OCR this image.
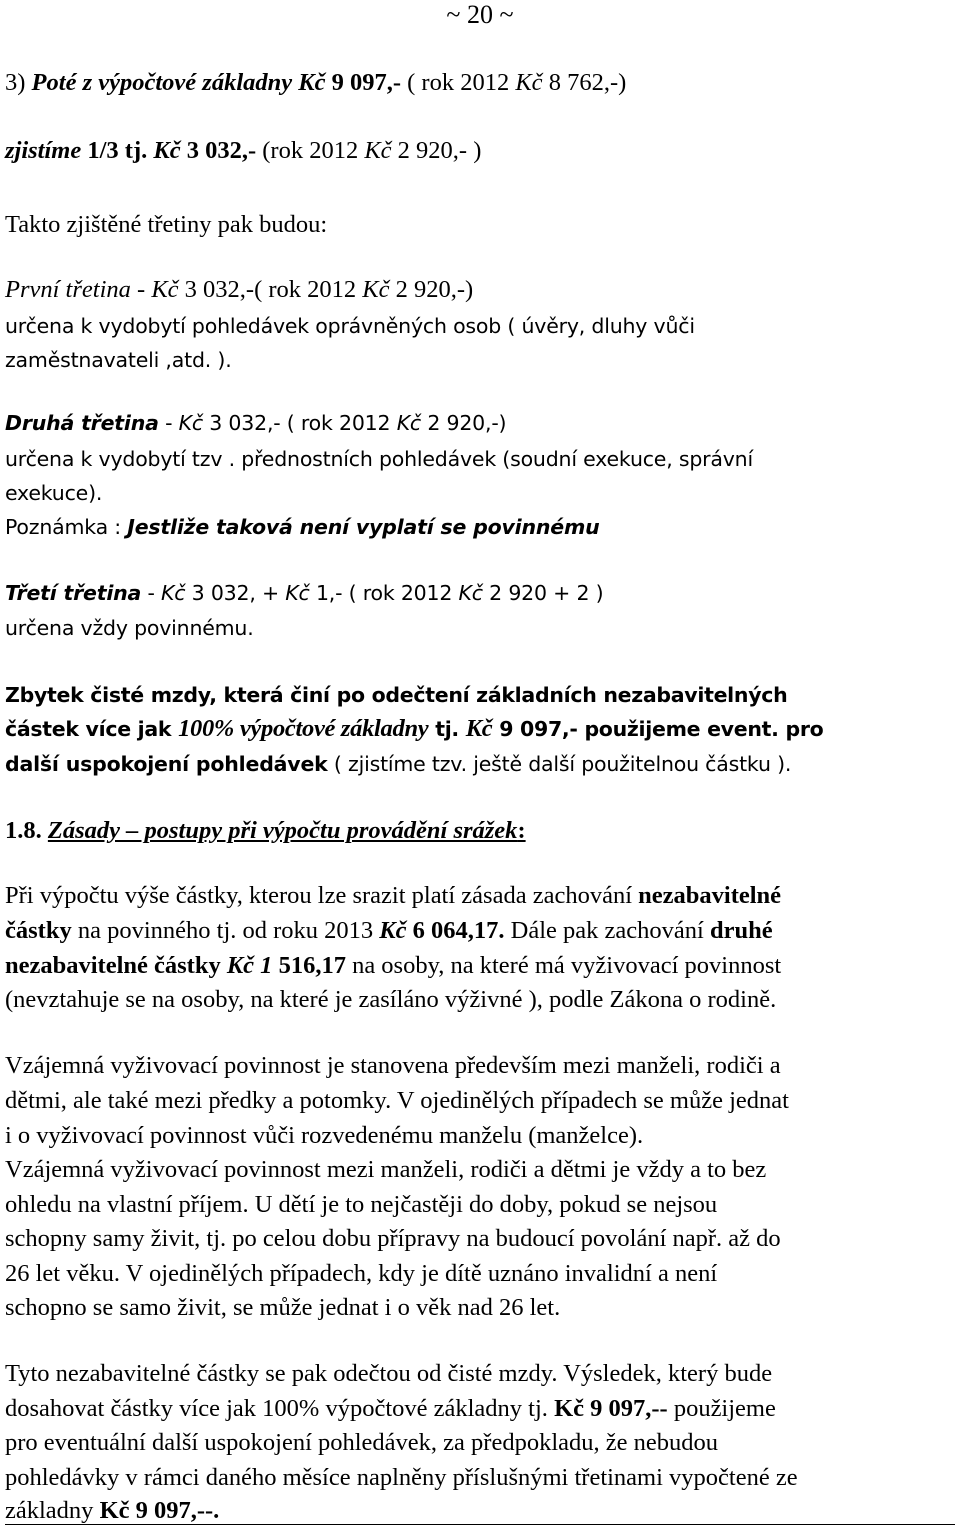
~ 20 ~
3) Poté z výpočtové základny Kč 9 097,- ( rok 2012 Kč 8 762,-)
zjistíme 1/3 tj. Kč 3 032,- (rok 2012 Kč 2 920,- )
Takto zjištěné třetiny pak budou:
První třetina - Kč 3 032,-( rok 2012 Kč 2 920,-)
určena k vydobytí pohledávek oprávněných osob ( úvěry, dluhy vůči
zaměstnavateli ,atd. ).
Druhá třetina - Kč 3 032,- ( rok 2012 Kč 2 920,-)
určena k vydobytí tzv . přednostních pohledávek (soudní exekuce, správní
exekuce).
Poznámka : Jestliže taková není vyplatí se povinnému
Třetí třetina - Kč 3 032, + Kč 1,- ( rok 2012 Kč 2 920 + 2 )
určena vždy povinnému.
Zbytek čisté mzdy, která činí po odečtení základních nezabavitelných
částek více jak 100% výpočtové základny tj. Kč 9 097,- použijeme event. pro
další uspokojení pohledávek ( zjistíme tzv. ještě další použitelnou částku ).
1.8. Zásady – postupy při výpočtu provádění srážek:
Při výpočtu výše částky, kterou lze srazit platí zásada zachování nezabavitelné
částky na povinného tj. od roku 2013 Kč 6 064,17. Dále pak zachování druhé
nezabavitelné částky Kč 1 516,17 na osoby, na které má vyživovací povinnost
(nevztahuje se na osoby, na které je zasíláno výživné ), podle Zákona o rodině.
Vzájemná vyživovací povinnost je stanovena především mezi manželi, rodiči a
dětmi, ale také mezi předky a potomky. V ojedinělých případech se může jednat
i o vyživovací povinnost vůči rozvedenému manželu (manželce).
Vzájemná vyživovací povinnost mezi manželi, rodiči a dětmi je vždy a to bez
ohledu na vlastní příjem. U dětí je to nejčastěji do doby, pokud se nejsou
schopny samy živit, tj. po celou dobu přípravy na budoucí povolání např. až do
26 let věku. V ojedinělých případech, kdy je dítě uznáno invalidní a není
schopno se samo živit, se může jednat i o věk nad 26 let.
Tyto nezabavitelné částky se pak odečtou od čisté mzdy. Výsledek, který bude
dosahovat částky více jak 100% výpočtové základny tj. Kč 9 097,-- použijeme
pro eventuální další uspokojení pohledávek, za předpokladu, že nebudou
pohledávky v rámci daného měsíce naplněny příslušnými třetinami vypočtené ze
základny Kč 9 097,--.
